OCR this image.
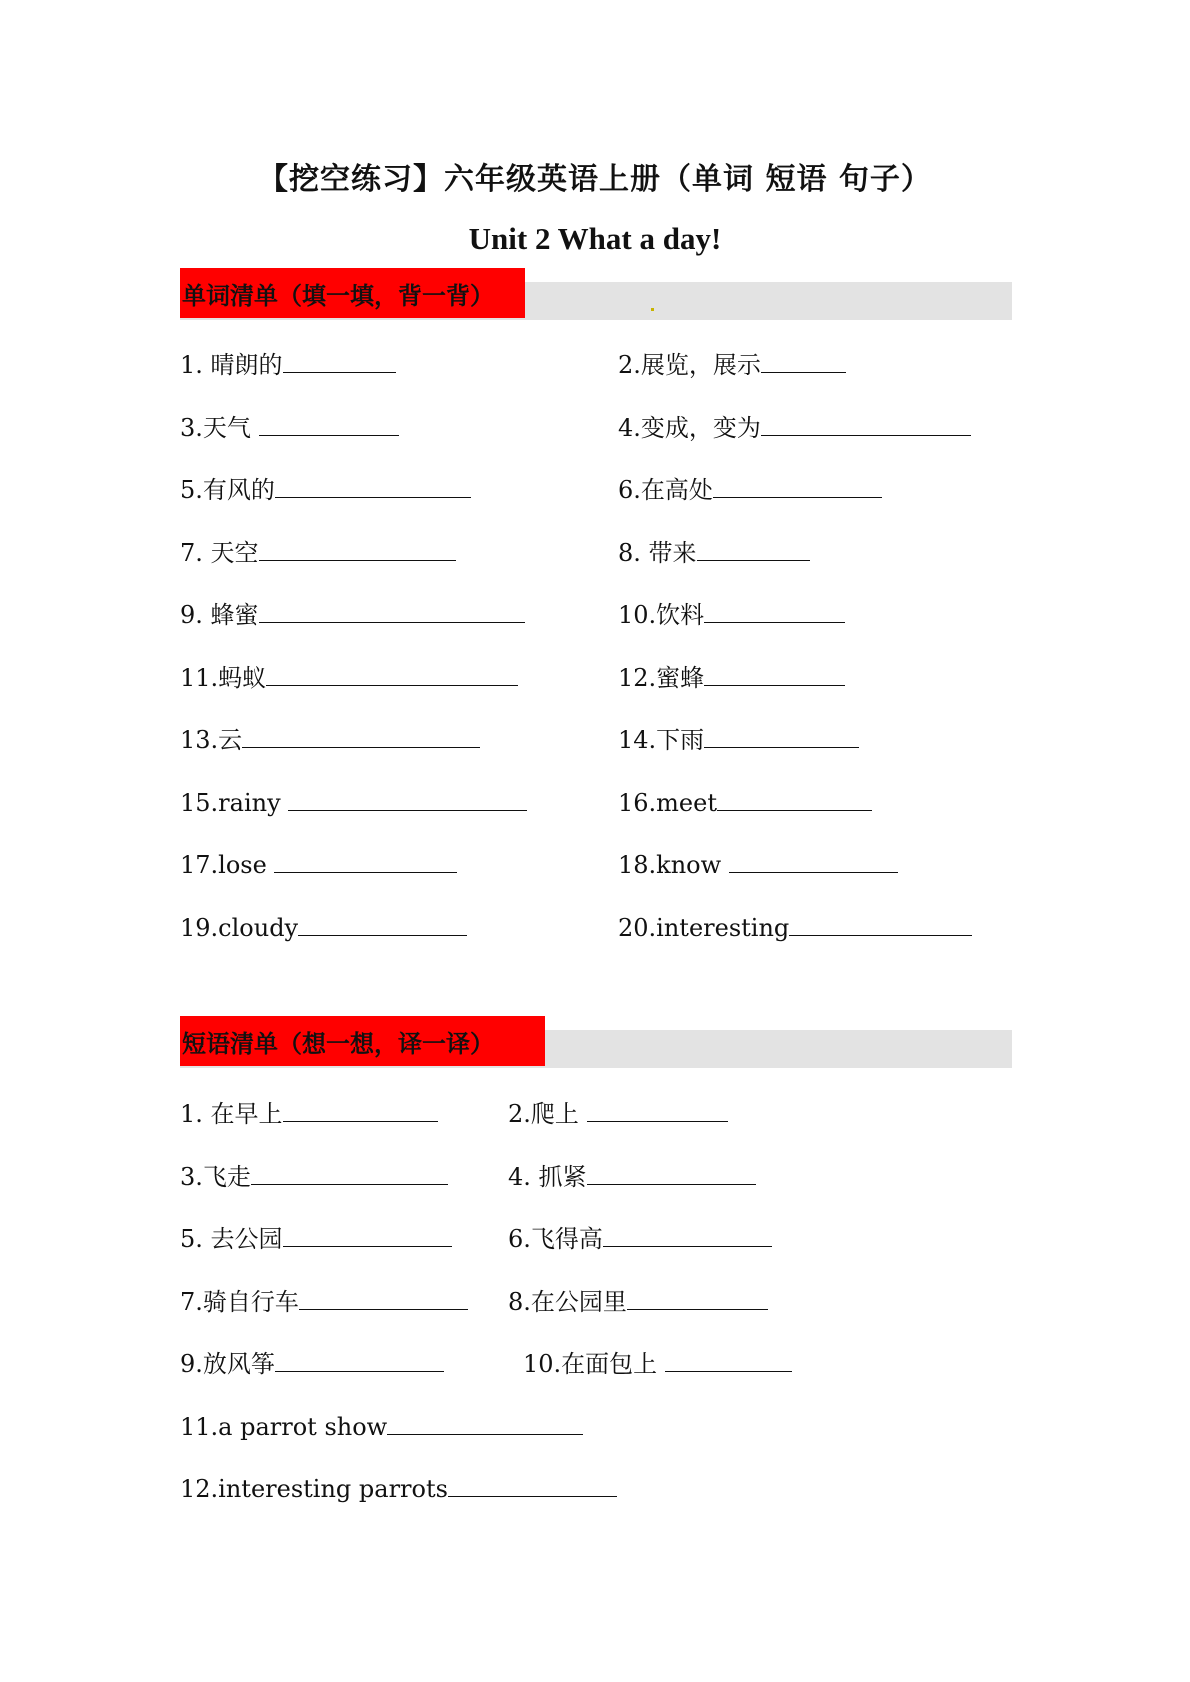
【挖空练习】六年级英语上册（单词 短语 句子）
Unit 2 What a day!
单词清单（填一填，背一背）
1. 晴朗的	2.展览，展示
3.天气	4.变成，变为
5.有风的	6.在高处
7. 天空	8. 带来
9. 蜂蜜	10.饮料
11.蚂蚁	12.蜜蜂
13.云	14.下雨
15.rainy	16.meet
17.lose	18.know
19.cloudy	20.interesting
短语清单（想一想，译一译）
1. 在早上	2.爬上
3.飞走	4. 抓紧
5. 去公园	6.飞得高
7.骑自行车	8.在公园里
9.放风筝	10.在面包上
11.a parrot show
12.interesting parrots
